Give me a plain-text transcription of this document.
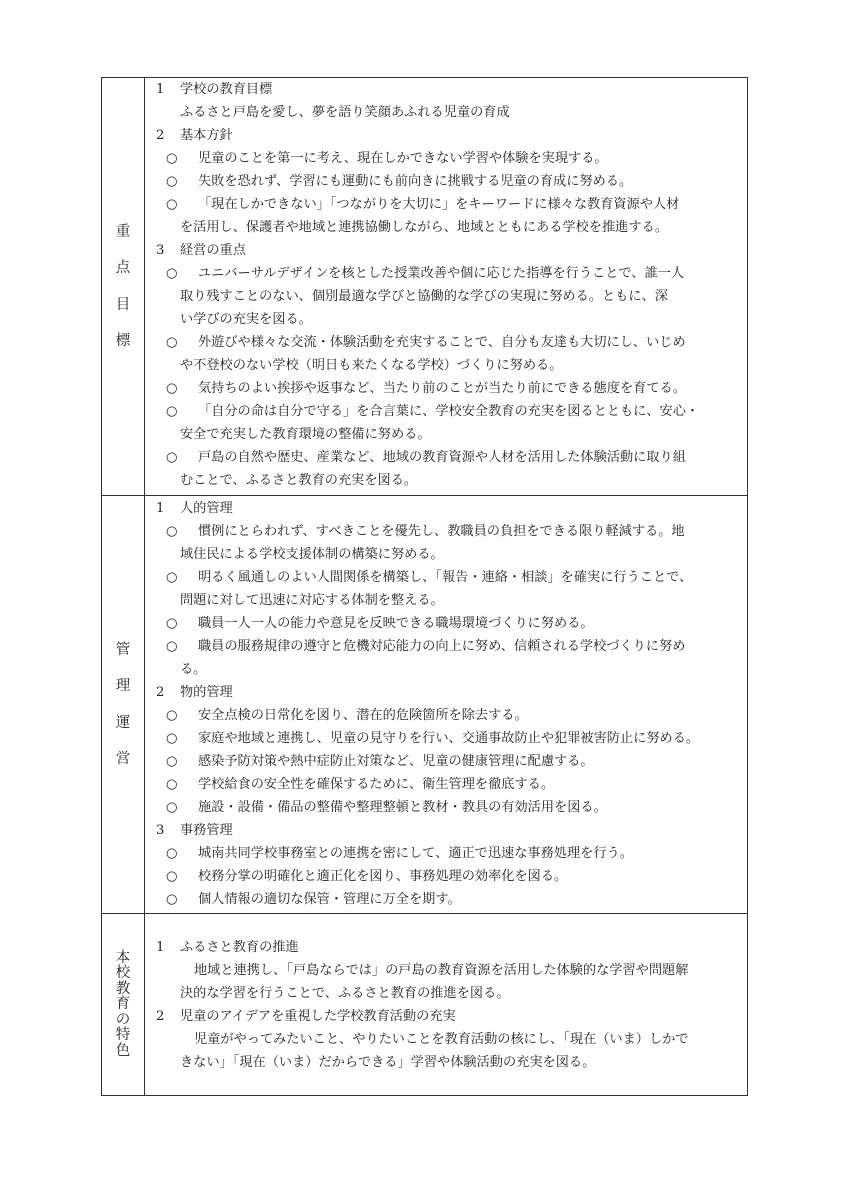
重
点
目
標
1 学校の教育目標
ふるさと戸島を愛し、夢を語り笑顔あふれる児童の育成
2 基本方針
○ 児童のことを第一に考え、現在しかできない学習や体験を実現する。
○ 失敗を恐れず、学習にも運動にも前向きに挑戦する児童の育成に努める。
○ 「現在しかできない」「つながりを大切に」をキーワードに様々な教育資源や人材
を活用し、保護者や地域と連携協働しながら、地域とともにある学校を推進する。
3 経営の重点
○ ユニバーサルデザインを核とした授業改善や個に応じた指導を行うことで、誰一人
取り残すことのない、個別最適な学びと協働的な学びの実現に努める。ともに、深
い学びの充実を図る。
○ 外遊びや様々な交流・体験活動を充実することで、自分も友達も大切にし、いじめ
や不登校のない学校（明日も来たくなる学校）づくりに努める。
○ 気持ちのよい挨拶や返事など、当たり前のことが当たり前にできる態度を育てる。
○ 「自分の命は自分で守る」を合言葉に、学校安全教育の充実を図るとともに、安心・
安全で充実した教育環境の整備に努める。
○ 戸島の自然や歴史、産業など、地域の教育資源や人材を活用した体験活動に取り組
むことで、ふるさと教育の充実を図る。
管
理
運
営
1 人的管理
○ 慣例にとらわれず、すべきことを優先し、教職員の負担をできる限り軽減する。地
域住民による学校支援体制の構築に努める。
○ 明るく風通しのよい人間関係を構築し、「報告・連絡・相談」を確実に行うことで、
問題に対して迅速に対応する体制を整える。
○ 職員一人一人の能力や意見を反映できる職場環境づくりに努める。
○ 職員の服務規律の遵守と危機対応能力の向上に努め、信頼される学校づくりに努め
る。
2 物的管理
○ 安全点検の日常化を図り、潜在的危険箇所を除去する。
○ 家庭や地域と連携し、児童の見守りを行い、交通事故防止や犯罪被害防止に努める。
○ 感染予防対策や熱中症防止対策など、児童の健康管理に配慮する。
○ 学校給食の安全性を確保するために、衛生管理を徹底する。
○ 施設・設備・備品の整備や整理整頓と教材・教具の有効活用を図る。
3 事務管理
○ 城南共同学校事務室との連携を密にして、適正で迅速な事務処理を行う。
○ 校務分掌の明確化と適正化を図り、事務処理の効率化を図る。
○ 個人情報の適切な保管・管理に万全を期す。
本
校
教
育
の
特
色
1 ふるさと教育の推進
地域と連携し、「戸島ならでは」の戸島の教育資源を活用した体験的な学習や問題解
決的な学習を行うことで、ふるさと教育の推進を図る。
2 児童のアイデアを重視した学校教育活動の充実
児童がやってみたいこと、やりたいことを教育活動の核にし、「現在（いま）しかで
きない」「現在（いま）だからできる」学習や体験活動の充実を図る。
